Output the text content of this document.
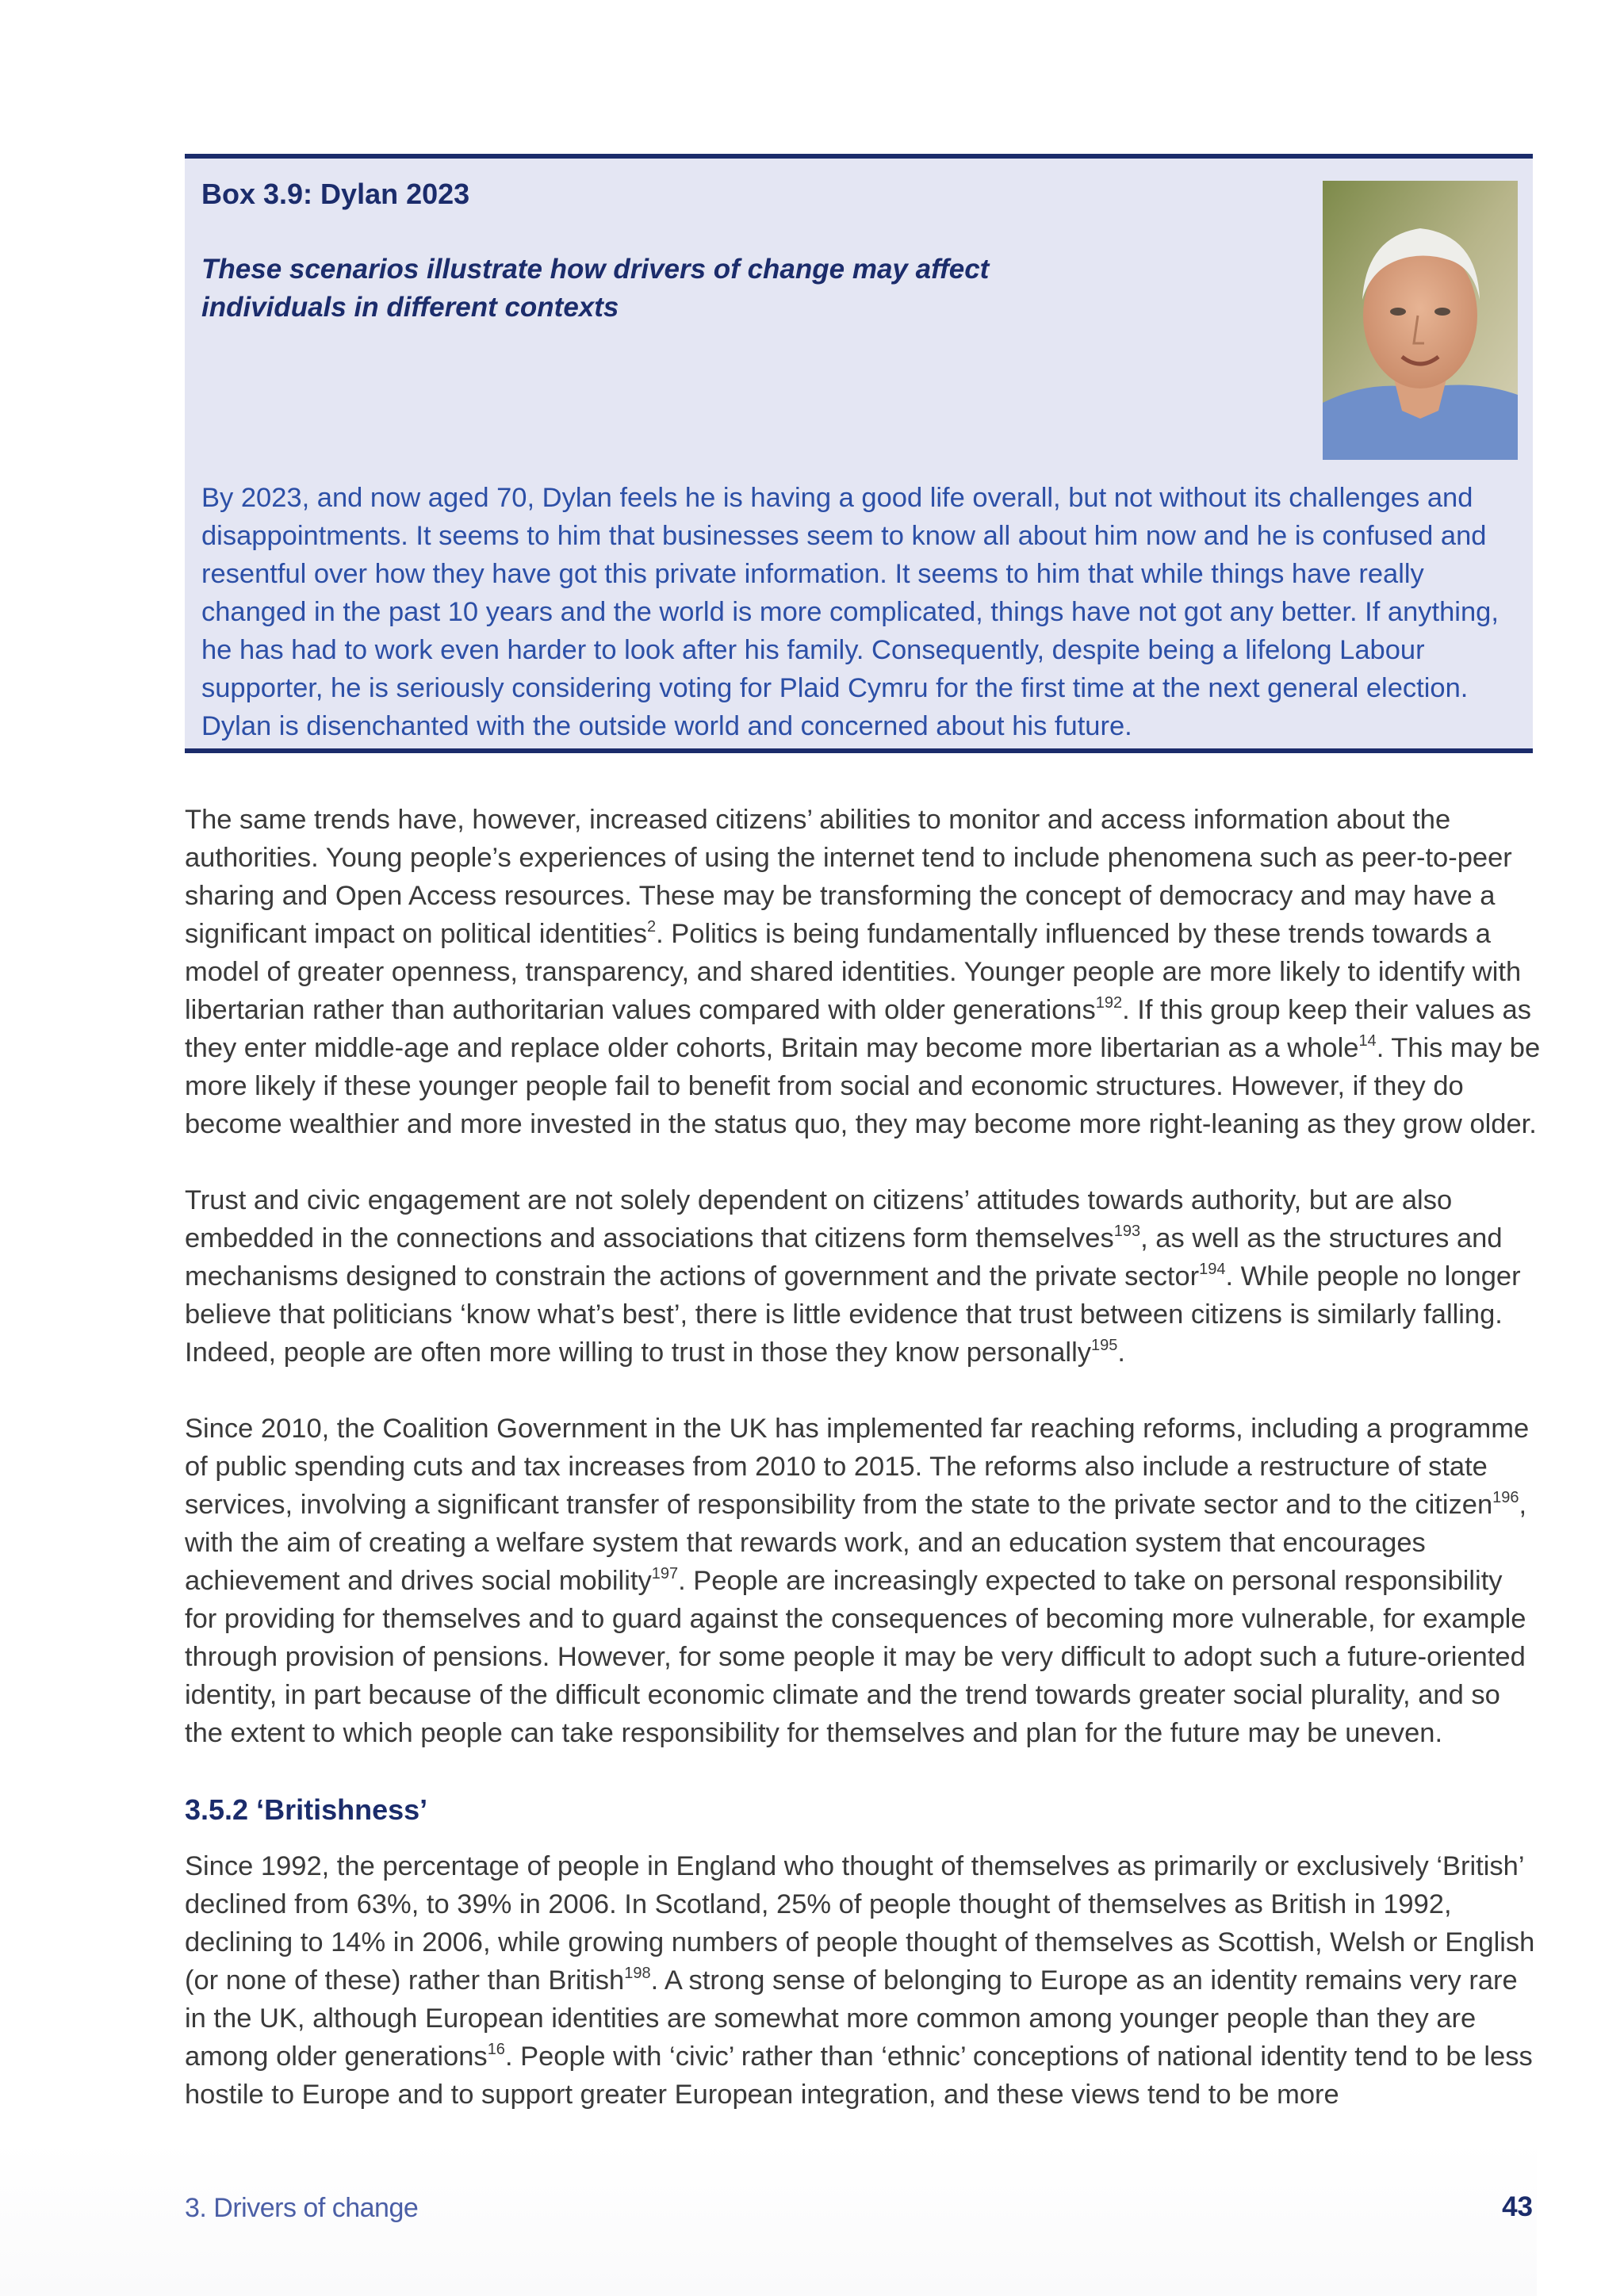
Box 3.9: Dylan 2023

These scenarios illustrate how drivers of change may affect individuals in different contexts

By 2023, and now aged 70, Dylan feels he is having a good life overall, but not without its challenges and disappointments. It seems to him that businesses seem to know all about him now and he is confused and resentful over how they have got this private information. It seems to him that while things have really changed in the past 10 years and the world is more complicated, things have not got any better. If anything, he has had to work even harder to look after his family. Consequently, despite being a lifelong Labour supporter, he is seriously considering voting for Plaid Cymru for the first time at the next general election. Dylan is disenchanted with the outside world and concerned about his future.

The same trends have, however, increased citizens’ abilities to monitor and access information about the authorities. Young people’s experiences of using the internet tend to include phenomena such as peer-to-peer sharing and Open Access resources. These may be transforming the concept of democracy and may have a significant impact on political identities$^2$. Politics is being fundamentally influenced by these trends towards a model of greater openness, transparency, and shared identities. Younger people are more likely to identify with libertarian rather than authoritarian values compared with older generations$^{192}$. If this group keep their values as they enter middle-age and replace older cohorts, Britain may become more libertarian as a whole$^{14}$. This may be more likely if these younger people fail to benefit from social and economic structures. However, if they do become wealthier and more invested in the status quo, they may become more right-leaning as they grow older.

Trust and civic engagement are not solely dependent on citizens’ attitudes towards authority, but are also embedded in the connections and associations that citizens form themselves$^{193}$, as well as the structures and mechanisms designed to constrain the actions of government and the private sector$^{194}$. While people no longer believe that politicians ‘know what’s best’, there is little evidence that trust between citizens is similarly falling. Indeed, people are often more willing to trust in those they know personally$^{195}$.

Since 2010, the Coalition Government in the UK has implemented far reaching reforms, including a programme of public spending cuts and tax increases from 2010 to 2015. The reforms also include a restructure of state services, involving a significant transfer of responsibility from the state to the private sector and to the citizen$^{196}$, with the aim of creating a welfare system that rewards work, and an education system that encourages achievement and drives social mobility$^{197}$. People are increasingly expected to take on personal responsibility for providing for themselves and to guard against the consequences of becoming more vulnerable, for example through provision of pensions. However, for some people it may be very difficult to adopt such a future-oriented identity, in part because of the difficult economic climate and the trend towards greater social plurality, and so the extent to which people can take responsibility for themselves and plan for the future may be uneven.

3.5.2 ‘Britishness’

Since 1992, the percentage of people in England who thought of themselves as primarily or exclusively ‘British’ declined from 63%, to 39% in 2006. In Scotland, 25% of people thought of themselves as British in 1992, declining to 14% in 2006, while growing numbers of people thought of themselves as Scottish, Welsh or English (or none of these) rather than British$^{198}$. A strong sense of belonging to Europe as an identity remains very rare in the UK, although European identities are somewhat more common among younger people than they are among older generations$^{16}$. People with ‘civic’ rather than ‘ethnic’ conceptions of national identity tend to be less hostile to Europe and to support greater European integration, and these views tend to be more

3. Drivers of change	43
